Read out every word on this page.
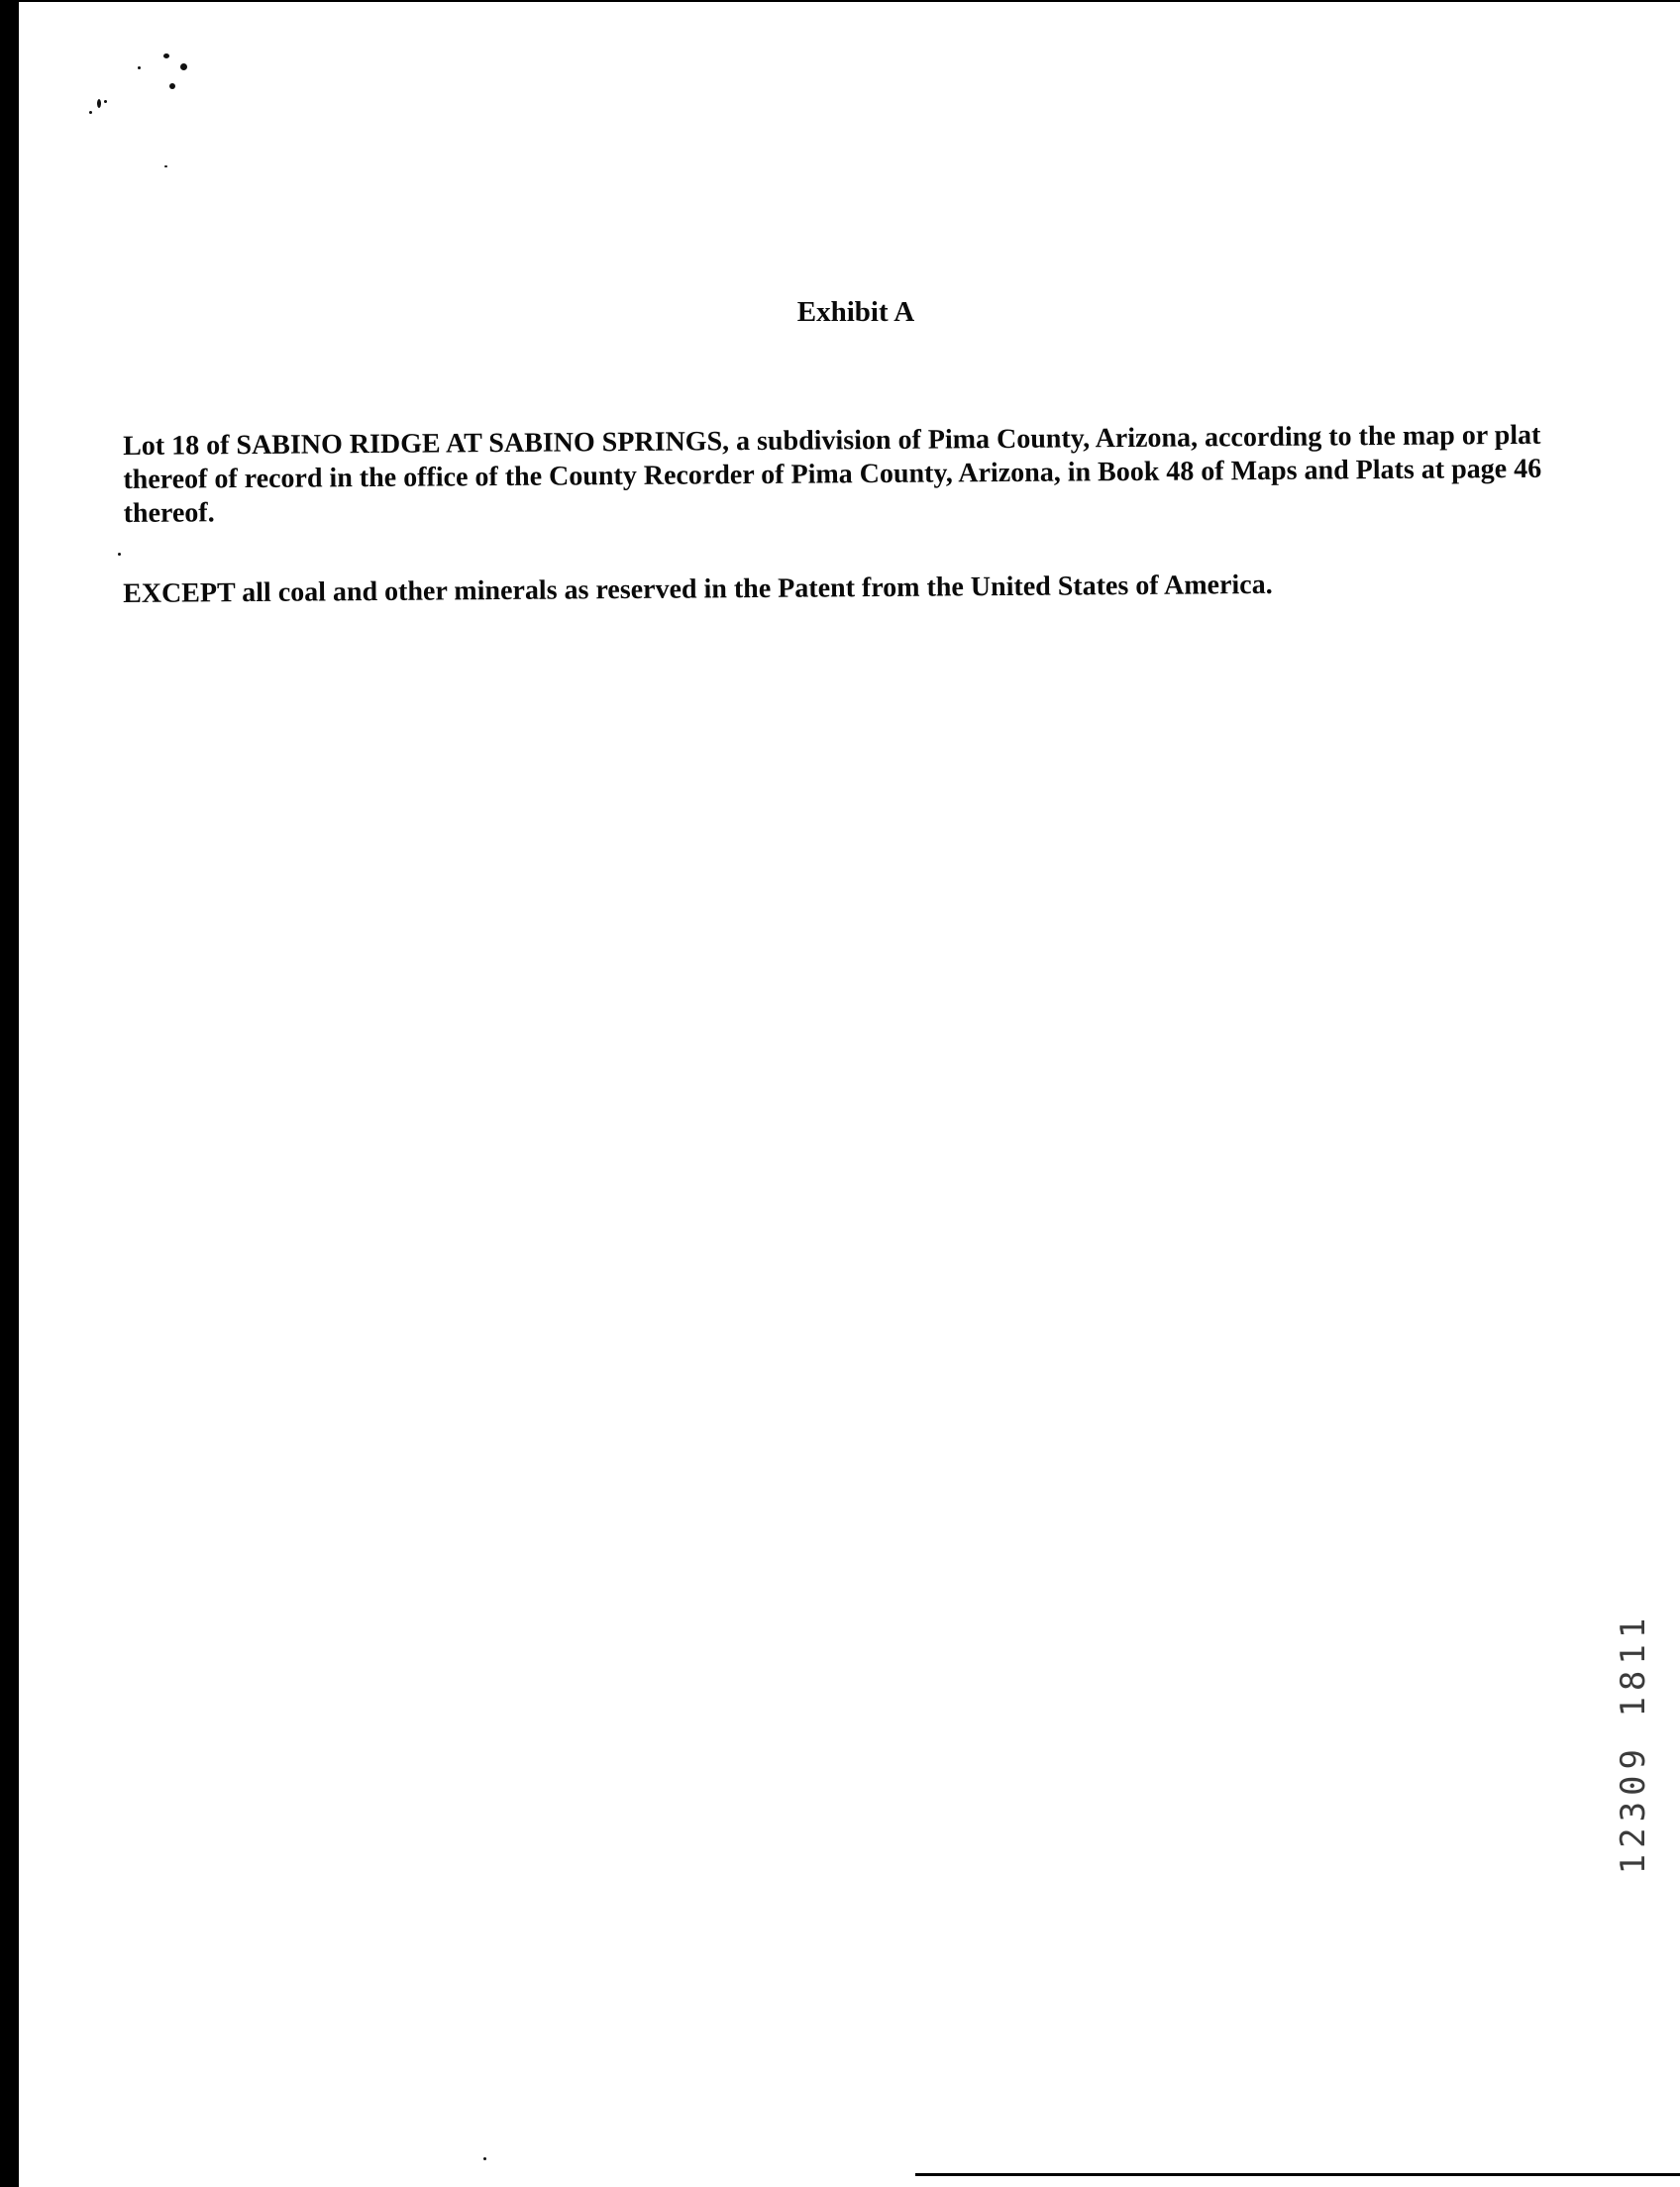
Exhibit A

Lot 18 of SABINO RIDGE AT SABINO SPRINGS, a subdivision of Pima County, Arizona, according to the map or plat thereof of record in the office of the County Recorder of Pima County, Arizona, in Book 48 of Maps and Plats at page 46 thereof.

EXCEPT all coal and other minerals as reserved in the Patent from the United States of America.

12309 1811
